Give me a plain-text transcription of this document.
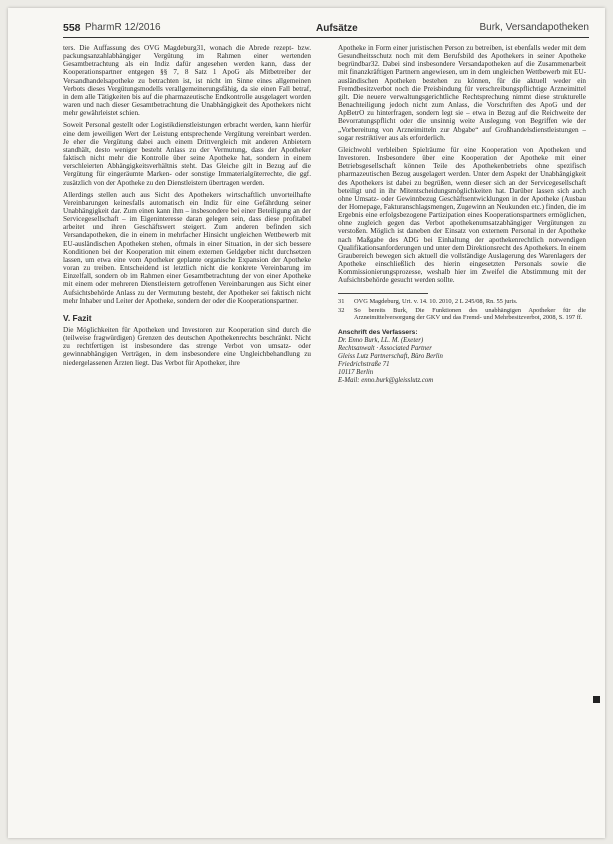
558 PharmR 12/2016	Aufsätze	Burk, Versandapotheken

ters. Die Auffassung des OVG Magdeburg31, wonach die Abrede rezept- bzw. packungsanzahlabhängiger Vergütung im Rahmen einer wertenden Gesamtbetrachtung als ein Indiz dafür angesehen werden kann, dass der Kooperationspartner entgegen §§ 7, 8 Satz 1 ApoG als Mitbetreiber der Versandhandelsapotheke zu betrachten ist, ist nicht im Sinne eines allgemeinen Verbots dieses Vergütungsmodells verallgemeinerungsfähig, da sie einen Fall betraf, in dem alle Tätigkeiten bis auf die pharmazeutische Endkontrolle ausgelagert worden waren und nach dieser Gesamtbetrachtung die Unabhängigkeit des Apothekers nicht mehr gewährleistet schien.

Soweit Personal gestellt oder Logistikdienstleistungen erbracht werden, kann hierfür eine dem jeweiligen Wert der Leistung entsprechende Vergütung vereinbart werden. Je eher die Vergütung dabei auch einem Drittvergleich mit anderen Anbietern standhält, desto weniger besteht Anlass zu der Vermutung, dass der Apotheker faktisch nicht mehr die Kontrolle über seine Apotheke hat, sondern in einem verschleierten Abhängigkeitsverhältnis steht. Das Gleiche gilt in Bezug auf die Vergütung für eingeräumte Marken- oder sonstige Immaterialgüterrechte, die ggf. zusätzlich von der Apotheke zu den Dienstleistern übertragen werden.

Allerdings stellen auch aus Sicht des Apothekers wirtschaftlich unvorteilhafte Vereinbarungen keinesfalls automatisch ein Indiz für eine Gefährdung seiner Unabhängigkeit dar. Zum einen kann ihm – insbesondere bei einer Beteiligung an der Servicegesellschaft – im Eigeninteresse daran gelegen sein, dass diese profitabel arbeitet und ihren Geschäftswert steigert. Zum anderen befinden sich Versandapotheken, die in einem in mehrfacher Hinsicht ungleichen Wettbewerb mit EU-ausländischen Apotheken stehen, oftmals in einer Situation, in der sich bessere Konditionen bei der Kooperation mit einem externen Geldgeber nicht durchsetzen lassen, um etwa eine vom Apotheker geplante organische Expansion der Apotheke voran zu treiben. Entscheidend ist letztlich nicht die konkrete Vereinbarung im Einzelfall, sondern ob im Rahmen einer Gesamtbetrachtung der von einer Apotheke mit einem oder mehreren Dienstleistern getroffenen Vereinbarungen aus Sicht einer Aufsichtsbehörde Anlass zu der Vermutung besteht, der Apotheker sei faktisch nicht mehr Inhaber und Leiter der Apotheke, sondern der oder die Kooperationspartner.

V. Fazit

Die Möglichkeiten für Apotheken und Investoren zur Kooperation sind durch die (teilweise fragwürdigen) Grenzen des deutschen Apothekenrechts beschränkt. Nicht zu rechtfertigen ist insbesondere das strenge Verbot von umsatz- oder gewinnabhängigen Verträgen, in dem insbesondere eine Ungleichbehandlung zu niedergelassenen Ärzten liegt. Das Verbot für Apotheker, ihre

Apotheke in Form einer juristischen Person zu betreiben, ist ebenfalls weder mit dem Gesundheitsschutz noch mit dem Berufsbild des Apothekers in seiner Apotheke begründbar32. Dabei sind insbesondere Versandapotheken auf die Zusammenarbeit mit finanzkräftigen Partnern angewiesen, um in dem ungleichen Wettbewerb mit EU-ausländischen Apotheken bestehen zu können, für die aktuell weder ein Fremdbesitzverbot noch die Preisbindung für verschreibungspflichtige Arzneimittel gilt. Die neuere verwaltungsgerichtliche Rechtsprechung nimmt diese strukturelle Benachteiligung jedoch nicht zum Anlass, die Vorschriften des ApoG und der ApBetrO zu hinterfragen, sondern legt sie – etwa in Bezug auf die Reichweite der Bevorratungspflicht oder die unsinnig weite Auslegung von Begriffen wie der „Vorbereitung von Arzneimitteln zur Abgabe“ auf Großhandelsdienstleistungen – sogar restriktiver aus als erforderlich.

Gleichwohl verbleiben Spielräume für eine Kooperation von Apotheken und Investoren. Insbesondere über eine Kooperation der Apotheke mit einer Betriebsgesellschaft können Teile des Apothekenbetriebs ohne spezifisch pharmazeutischen Bezug ausgelagert werden. Unter dem Aspekt der Unabhängigkeit des Apothekers ist dabei zu begrüßen, wenn dieser sich an der Servicegesellschaft beteiligt und in ihr Mitentscheidungsmöglichkeiten hat. Darüber lassen sich auch ohne Umsatz- oder Gewinnbezug Geschäftsentwicklungen in der Apotheke (Ausbau der Homepage, Fakturanschlagsmengen, Zugewinn an Neukunden etc.) finden, die im Ergebnis eine erfolgsbezogene Partizipation eines Kooperationspartners ermöglichen, ohne zugleich gegen das Verbot apothekenumsatzabhängiger Vergütungen zu verstoßen. Möglich ist daneben der Einsatz von externem Personal in der Apotheke nach Maßgabe des ADG bei Einhaltung der apothekenrechtlich notwendigen Qualifikationsanforderungen und unter dem Direktionsrecht des Apothekers. In einem Graubereich bewegen sich aktuell die vollständige Auslagerung des Warenlagers der Apotheke einschließlich des hierin eingesetzten Personals sowie die Kommissionierungsprozesse, weshalb hier im Zweifel die Abstimmung mit der Aufsichtsbehörde gesucht werden sollte.

31	OVG Magdeburg, Urt. v. 14. 10. 2010, 2 L 245/08, Rn. 55 juris.
32	So bereits Burk, Die Funktionen des unabhängigen Apotheker für die Arzneimittelversorgung der GKV und das Fremd- und Mehrbesitzverbot, 2008, S. 197 ff.
Anschrift des Verfassers:
Dr. Enno Burk, LL. M. (Exeter)
Rechtsanwalt · Associated Partner
Gleiss Lutz Partnerschaft, Büro Berlin
Friedrichstraße 71
10117 Berlin
E-Mail: enno.burk@gleisslutz.com
